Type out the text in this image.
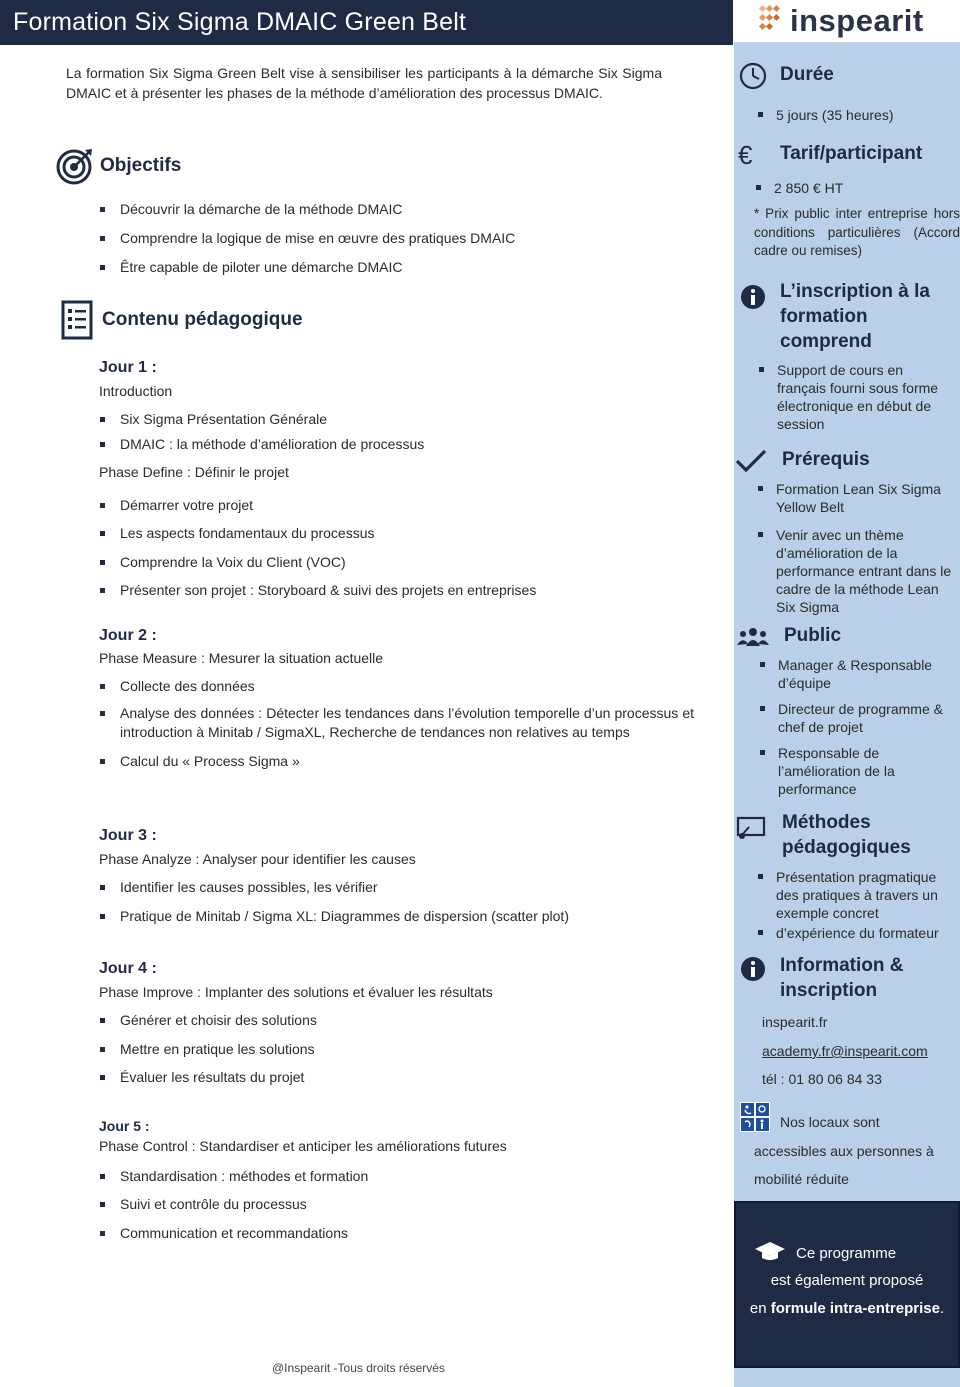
Formation Six Sigma DMAIC Green Belt

La formation Six Sigma Green Belt vise à sensibiliser les participants à la démarche Six Sigma DMAIC et à présenter les phases de la méthode d’amélioration des processus DMAIC.

Objectifs
Découvrir la démarche de la méthode DMAIC
Comprendre la logique de mise en œuvre des pratiques DMAIC
Être capable de piloter une démarche DMAIC
Contenu pédagogique
Jour 1 :
Introduction
Six Sigma Présentation Générale
DMAIC : la méthode d’amélioration de processus
Phase Define : Définir le projet
Démarrer votre projet
Les aspects fondamentaux du processus
Comprendre la Voix du Client (VOC)
Présenter son projet : Storyboard & suivi des projets en entreprises
Jour 2 :
Phase Measure : Mesurer la situation actuelle
Collecte des données
Analyse des données : Détecter les tendances dans l’évolution temporelle d’un processus et introduction à Minitab / SigmaXL, Recherche de tendances non relatives au temps
Calcul du « Process Sigma »
Jour 3 :
Phase Analyze : Analyser pour identifier les causes
Identifier les causes possibles, les vérifier
Pratique de Minitab / Sigma XL: Diagrammes de dispersion (scatter plot)
Jour 4 :
Phase Improve : Implanter des solutions et évaluer les résultats
Générer et choisir des solutions
Mettre en pratique les solutions
Évaluer les résultats du projet
Jour 5 :
Phase Control : Standardiser et anticiper les améliorations futures
Standardisation : méthodes et formation
Suivi et contrôle du processus
Communication et recommandations
@Inspearit -Tous droits réservés
inspearit
Durée
5 jours (35 heures)
€	Tarif/participant
2 850 € HT
* Prix public inter entreprise hors conditions particulières (Accord cadre ou remises)
L’inscription à la
formation
comprend
Support de cours en français fourni sous forme électronique en début de session
Prérequis
Formation Lean Six Sigma Yellow Belt
Venir avec un thème d’amélioration de la performance entrant dans le cadre de la méthode Lean Six Sigma
Public
Manager & Responsable d’équipe
Directeur de programme & chef de projet
Responsable de l’amélioration de la performance
Méthodes
pédagogiques
Présentation pragmatique des pratiques à travers un exemple concret
d’expérience du formateur
Information &
inscription
inspearit.fr
academy.fr@inspearit.com
tél : 01 80 06 84 33
Nos locaux sont
accessibles aux personnes à
mobilité réduite
Ce programme
est également proposé
en formule intra-entreprise.
